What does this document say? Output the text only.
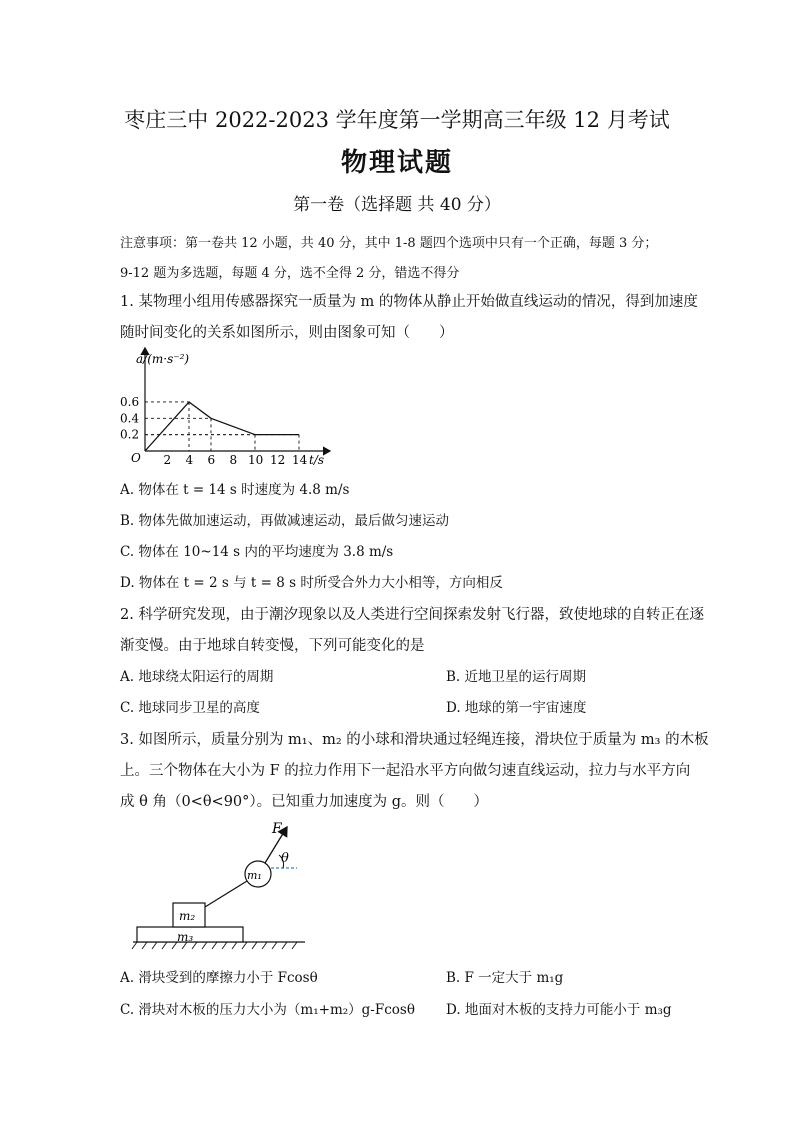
枣庄三中 2022-2023 学年度第一学期高三年级 12 月考试
物理试题
第一卷（选择题 共 40 分）
注意事项：第一卷共 12 小题，共 40 分，其中 1-8 题四个选项中只有一个正确，每题 3 分；
9-12 题为多选题，每题 4 分，选不全得 2 分，错选不得分
1. 某物理小组用传感器探究一质量为 m 的物体从静止开始做直线运动的情况，得到加速度
随时间变化的关系如图所示，则由图象可知（　　）
2 4 6 8 10 12 14
0.2
0.4
0.6
a/(m·s⁻²)
t/s
O
A. 物体在 t = 14 s 时速度为 4.8 m/s
B. 物体先做加速运动，再做减速运动，最后做匀速运动
C. 物体在 10~14 s 内的平均速度为 3.8 m/s
D. 物体在 t = 2 s 与 t = 8 s 时所受合外力大小相等，方向相反
2. 科学研究发现，由于潮汐现象以及人类进行空间探索发射飞行器，致使地球的自转正在逐
渐变慢。由于地球自转变慢，下列可能变化的是
A. 地球绕太阳运行的周期	B. 近地卫星的运行周期
C. 地球同步卫星的高度	D. 地球的第一宇宙速度
3. 如图所示，质量分别为 m₁、m₂ 的小球和滑块通过轻绳连接，滑块位于质量为 m₃ 的木板
上。三个物体在大小为 F 的拉力作用下一起沿水平方向做匀速直线运动，拉力与水平方向
成 θ 角（0<θ<90°）。已知重力加速度为 g。则（　　）
m₃
m₂
m₁
F
θ
A. 滑块受到的摩擦力小于 Fcosθ	B. F 一定大于 m₁g
C. 滑块对木板的压力大小为（m₁+m₂）g-Fcosθ D. 地面对木板的支持力可能小于 m₃g
